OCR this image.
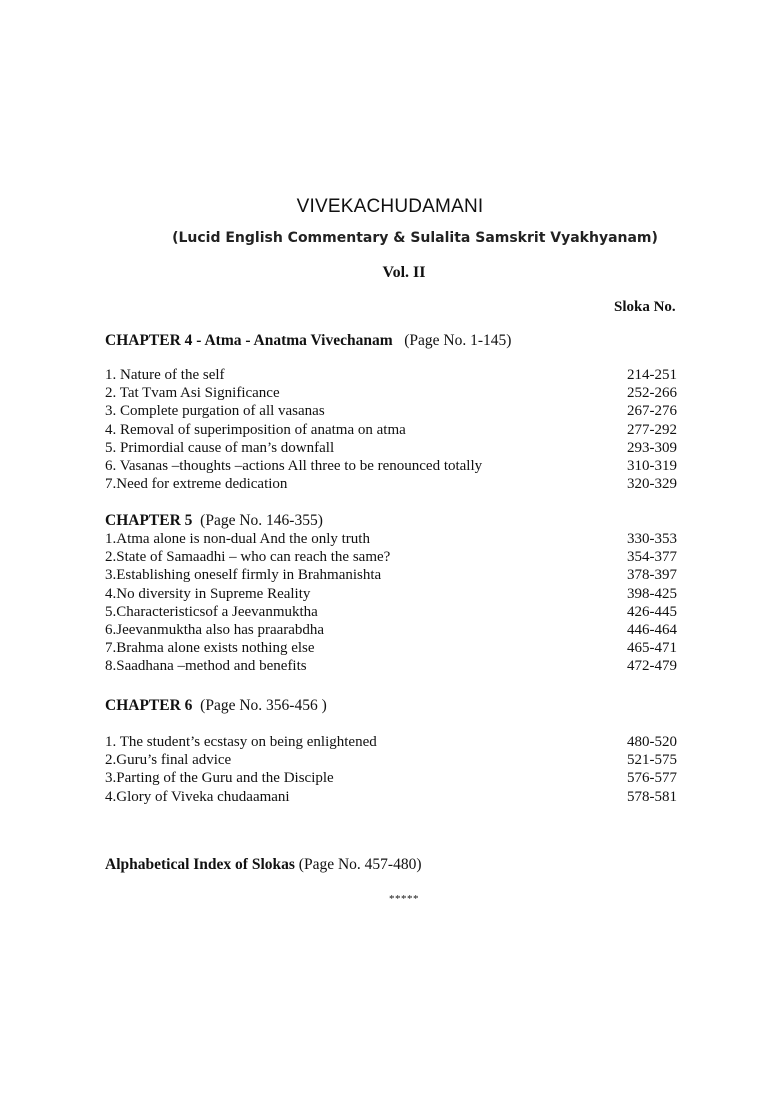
VIVEKACHUDAMANI
(Lucid English Commentary & Sulalita Samskrit Vyakhyanam)
Vol. II
Sloka No.
CHAPTER 4 - Atma - Anatma Vivechanam (Page No. 1-145)
1. Nature of the self	214-251
2. Tat Tvam Asi Significance	252-266
3. Complete purgation of all vasanas	267-276
4. Removal of superimposition of anatma on atma	277-292
5. Primordial cause of man’s downfall	293-309
6. Vasanas –thoughts –actions All three to be renounced totally	310-319
7.Need for extreme dedication	320-329
CHAPTER 5 (Page No. 146-355)
1.Atma alone is non-dual And the only truth	330-353
2.State of Samaadhi – who can reach the same?	354-377
3.Establishing oneself firmly in Brahmanishta	378-397
4.No diversity in Supreme Reality	398-425
5.Characteristicsof a Jeevanmuktha	426-445
6.Jeevanmuktha also has praarabdha	446-464
7.Brahma alone exists nothing else	465-471
8.Saadhana –method and benefits	472-479
CHAPTER 6 (Page No. 356-456 )
1. The student’s ecstasy on being enlightened	480-520
2.Guru’s final advice	521-575
3.Parting of the Guru and the Disciple	576-577
4.Glory of Viveka chudaamani	578-581
Alphabetical Index of Slokas (Page No. 457-480)
*****
